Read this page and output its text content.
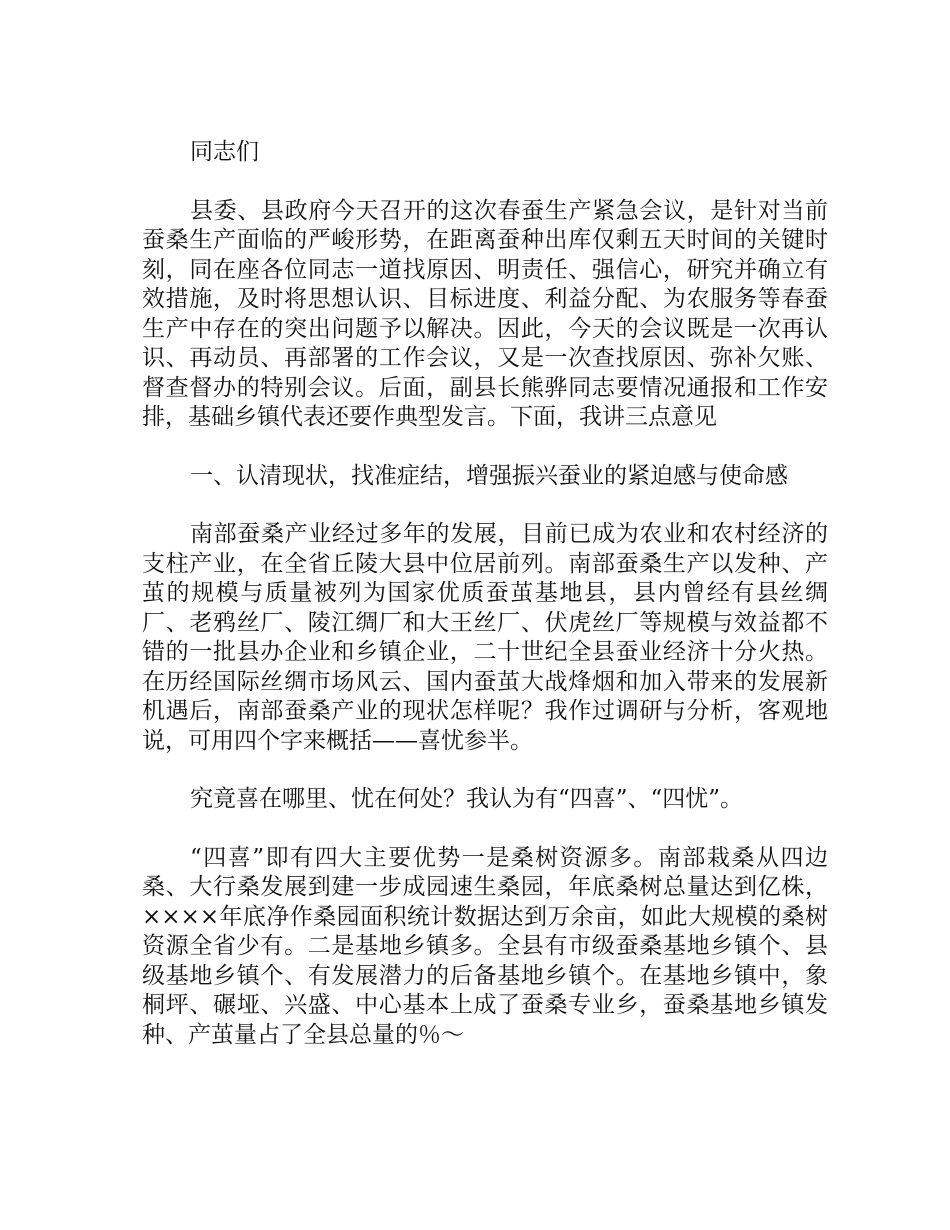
同志们

县委、县政府今天召开的这次春蚕生产紧急会议，是针对当前蚕桑生产面临的严峻形势，在距离蚕种出库仅剩五天时间的关键时刻，同在座各位同志一道找原因、明责任、强信心，研究并确立有效措施，及时将思想认识、目标进度、利益分配、为农服务等春蚕生产中存在的突出问题予以解决。因此，今天的会议既是一次再认识、再动员、再部署的工作会议，又是一次查找原因、弥补欠账、督查督办的特别会议。后面，副县长熊骅同志要情况通报和工作安排，基础乡镇代表还要作典型发言。下面，我讲三点意见

一、认清现状，找准症结，增强振兴蚕业的紧迫感与使命感

南部蚕桑产业经过多年的发展，目前已成为农业和农村经济的支柱产业，在全省丘陵大县中位居前列。南部蚕桑生产以发种、产茧的规模与质量被列为国家优质蚕茧基地县，县内曾经有县丝绸厂、老鸦丝厂、陵江绸厂和大王丝厂、伏虎丝厂等规模与效益都不错的一批县办企业和乡镇企业，二十世纪全县蚕业经济十分火热。在历经国际丝绸市场风云、国内蚕茧大战烽烟和加入带来的发展新机遇后，南部蚕桑产业的现状怎样呢？我作过调研与分析，客观地说，可用四个字来概括——喜忧参半。

究竟喜在哪里、忧在何处？我认为有“四喜”、“四忧”。

“四喜”即有四大主要优势一是桑树资源多。南部栽桑从四边桑、大行桑发展到建一步成园速生桑园，年底桑树总量达到亿株，××××年底净作桑园面积统计数据达到万余亩，如此大规模的桑树资源全省少有。二是基地乡镇多。全县有市级蚕桑基地乡镇个、县级基地乡镇个、有发展潜力的后备基地乡镇个。在基地乡镇中，象桐坪、碾垭、兴盛、中心基本上成了蚕桑专业乡，蚕桑基地乡镇发种、产茧量占了全县总量的％～
